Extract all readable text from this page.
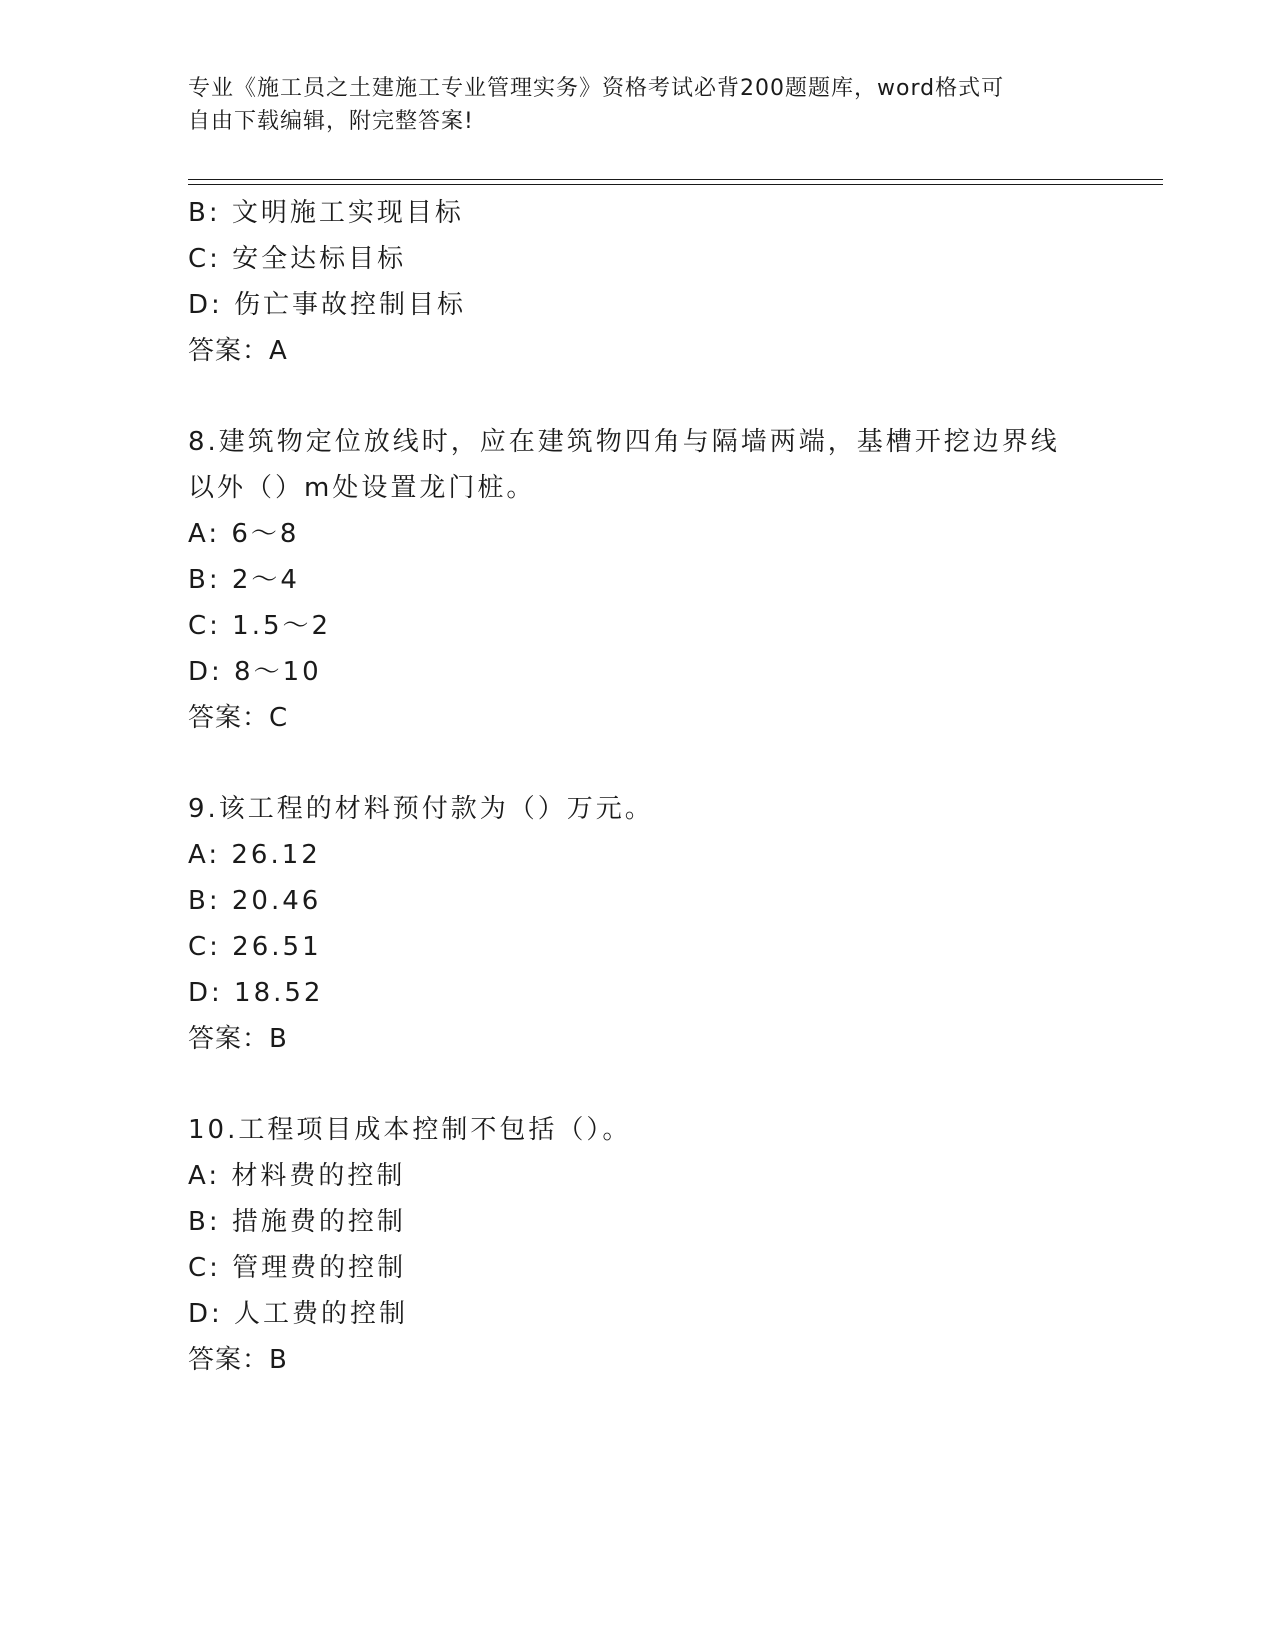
专业《施工员之土建施工专业管理实务》资格考试必背200题题库，word格式可
自由下载编辑，附完整答案!
B: 文明施工实现目标
C: 安全达标目标
D: 伤亡事故控制目标
答案：A
8.建筑物定位放线时，应在建筑物四角与隔墙两端，基槽开挖边界线
以外（）m处设置龙门桩。
A: 6～8
B: 2～4
C: 1.5～2
D: 8～10
答案：C
9.该工程的材料预付款为（）万元。
A: 26.12
B: 20.46
C: 26.51
D: 18.52
答案：B
10.工程项目成本控制不包括（）。
A: 材料费的控制
B: 措施费的控制
C: 管理费的控制
D: 人工费的控制
答案：B
